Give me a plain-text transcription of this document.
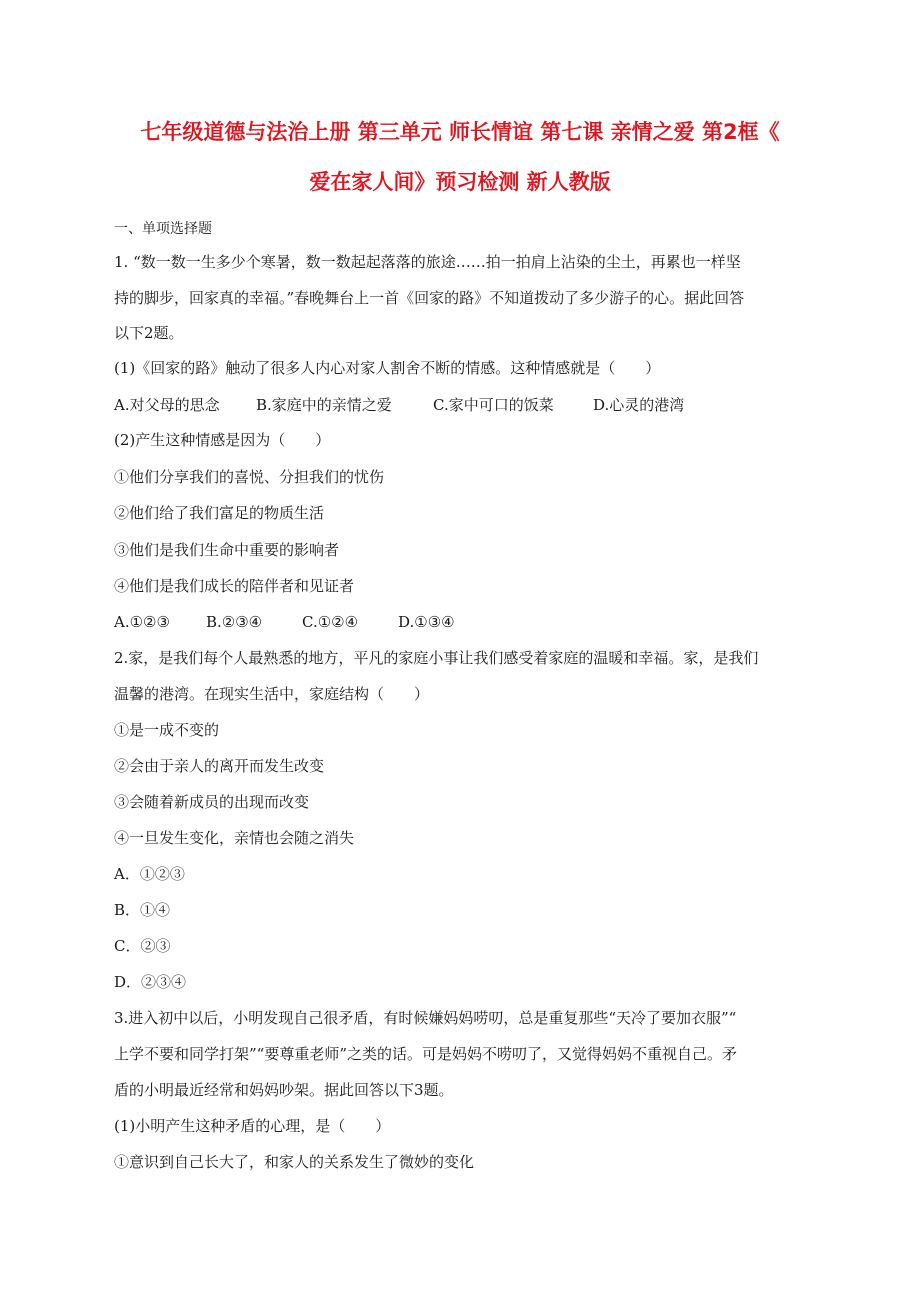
七年级道德与法治上册 第三单元 师长情谊 第七课 亲情之爱 第2框《
爱在家人间》预习检测 新人教版
一、单项选择题
1. “数一数一生多少个寒暑，数一数起起落落的旅途……拍一拍肩上沾染的尘土，再累也一样坚
持的脚步，回家真的幸福。”春晚舞台上一首《回家的路》不知道拨动了多少游子的心。据此回答
以下2题。
(1)《回家的路》触动了很多人内心对家人割舍不断的情感。这种情感就是（　　）
A.对父母的思念 B.家庭中的亲情之爱	C.家中可口的饭菜	D.心灵的港湾
(2)产生这种情感是因为（　　）
①他们分享我们的喜悦、分担我们的忧伤
②他们给了我们富足的物质生活
③他们是我们生命中重要的影响者
④他们是我们成长的陪伴者和见证者
A.①②③ B.②③④	C.①②④	D.①③④
2.家，是我们每个人最熟悉的地方，平凡的家庭小事让我们感受着家庭的温暖和幸福。家，是我们
温馨的港湾。在现实生活中，家庭结构（　　）
①是一成不变的
②会由于亲人的离开而发生改变
③会随着新成员的出现而改变
④一旦发生变化，亲情也会随之消失
A．①②③
B．①④
C．②③
D．②③④
3.进入初中以后，小明发现自己很矛盾，有时候嫌妈妈唠叨，总是重复那些“天冷了要加衣服”“
上学不要和同学打架”“要尊重老师”之类的话。可是妈妈不唠叨了，又觉得妈妈不重视自己。矛
盾的小明最近经常和妈妈吵架。据此回答以下3题。
(1)小明产生这种矛盾的心理，是（　　）
①意识到自己长大了，和家人的关系发生了微妙的变化
